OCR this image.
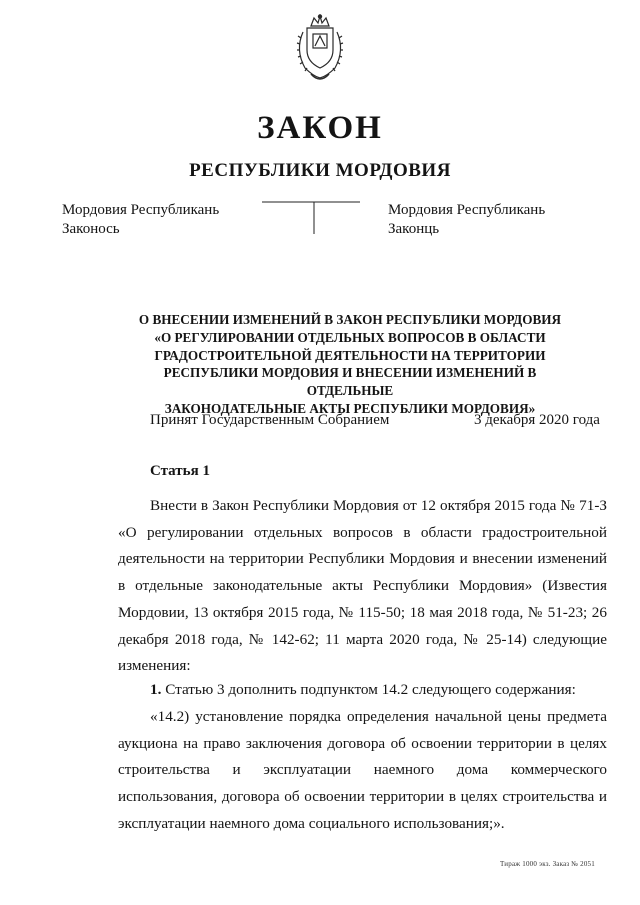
ЗАКОН
РЕСПУБЛИКИ МОРДОВИЯ
Мордовия Республикань
Законось
Мордовия Республикань
Законць
О ВНЕСЕНИИ ИЗМЕНЕНИЙ В ЗАКОН РЕСПУБЛИКИ МОРДОВИЯ
«О РЕГУЛИРОВАНИИ ОТДЕЛЬНЫХ ВОПРОСОВ В ОБЛАСТИ
ГРАДОСТРОИТЕЛЬНОЙ ДЕЯТЕЛЬНОСТИ НА ТЕРРИТОРИИ
РЕСПУБЛИКИ МОРДОВИЯ И ВНЕСЕНИИ ИЗМЕНЕНИЙ В ОТДЕЛЬНЫЕ
ЗАКОНОДАТЕЛЬНЫЕ АКТЫ РЕСПУБЛИКИ МОРДОВИЯ»
Принят Государственным Собранием	3 декабря 2020 года
Статья 1

Внести в Закон Республики Мордовия от 12 октября 2015 года № 71-З «О регулировании отдельных вопросов в области градостроительной деятельности на территории Республики Мордовия и внесении изменений в отдельные законодательные акты Республики Мордовия» (Известия Мордовии, 13 октября 2015 года, № 115-50; 18 мая 2018 года, № 51-23; 26 декабря 2018 года, № 142-62; 11 марта 2020 года, № 25-14) следующие изменения:

1. Статью 3 дополнить подпунктом 14.2 следующего содержания:

«14.2) установление порядка определения начальной цены предмета аукциона на право заключения договора об освоении территории в целях строительства и эксплуатации наемного дома коммерческого использования, договора об освоении территории в целях строительства и эксплуатации наемного дома социального использования;».

Тираж 1000 экз. Заказ № 2051
